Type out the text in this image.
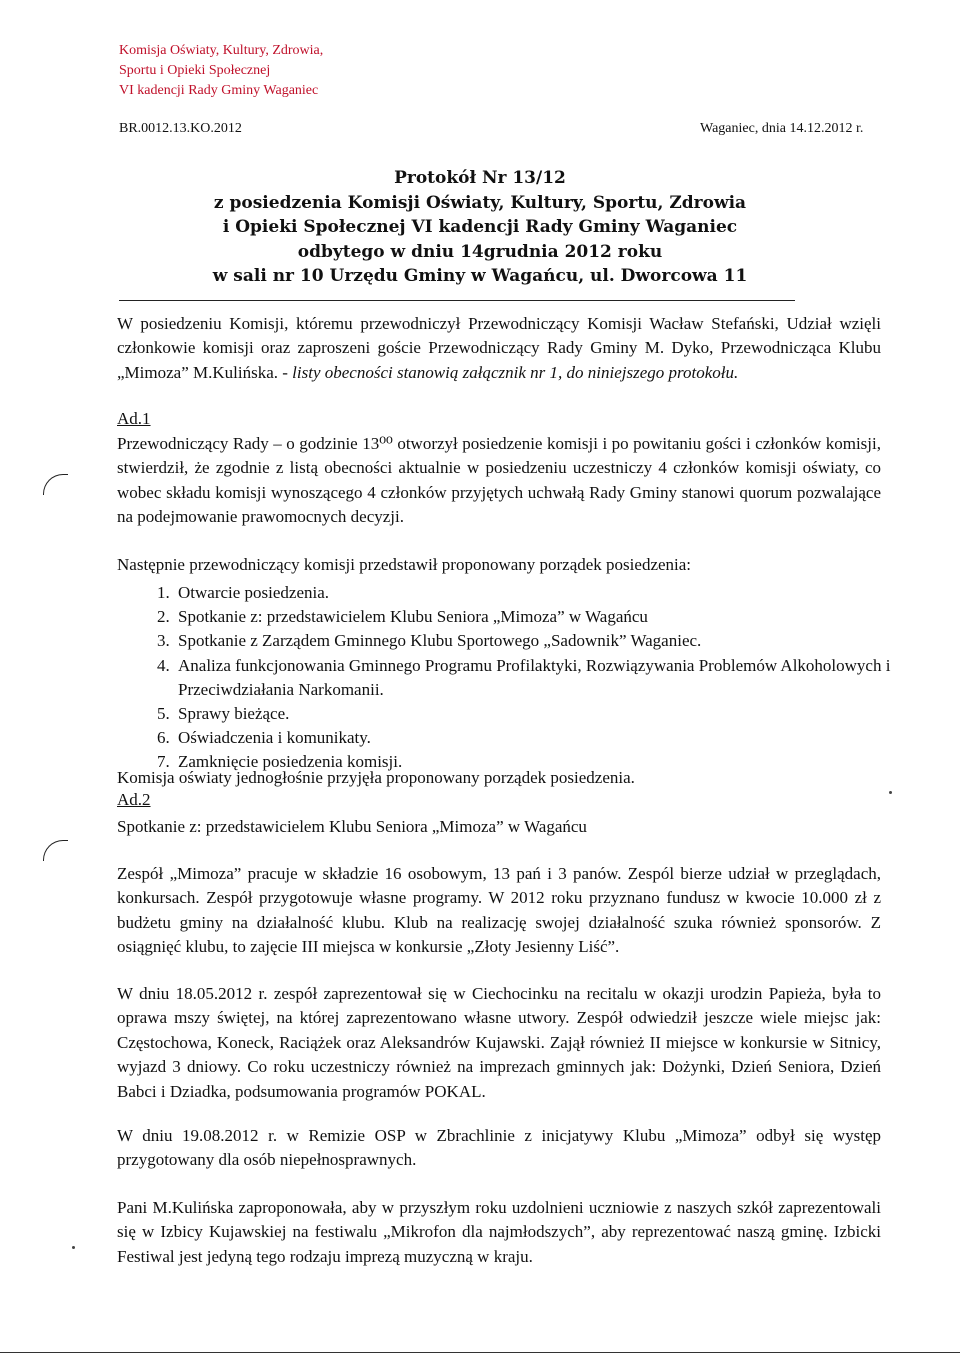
Komisja Oświaty, Kultury, Zdrowia,
Sportu i Opieki Społecznej
VI kadencji Rady Gminy Waganiec
BR.0012.13.KO.2012	Waganiec, dnia 14.12.2012 r.
Protokół Nr 13/12
z posiedzenia Komisji Oświaty, Kultury, Sportu, Zdrowia
i Opieki Społecznej VI kadencji Rady Gminy Waganiec
odbytego w dniu 14grudnia 2012 roku
w sali nr 10 Urzędu Gminy w Wagańcu, ul. Dworcowa 11
W posiedzeniu Komisji, któremu przewodniczył Przewodniczący Komisji Wacław Stefański, Udział wzięli członkowie komisji oraz zaproszeni goście Przewodniczący Rady Gminy M. Dyko, Przewodnicząca Klubu „Mimoza” M.Kulińska. - listy obecności stanowią załącznik nr 1, do niniejszego protokołu.
Ad.1
Przewodniczący Rady – o godzinie 13⁰⁰ otworzył posiedzenie komisji i po powitaniu gości i członków komisji, stwierdził, że zgodnie z listą obecności aktualnie w posiedzeniu uczestniczy 4 członków komisji oświaty, co wobec składu komisji wynoszącego 4 członków przyjętych uchwałą Rady Gminy stanowi quorum pozwalające na podejmowanie prawomocnych decyzji.
Następnie przewodniczący komisji przedstawił proponowany porządek posiedzenia:
1. Otwarcie posiedzenia.
2. Spotkanie z: przedstawicielem Klubu Seniora „Mimoza” w Wagańcu
3. Spotkanie z Zarządem Gminnego Klubu Sportowego „Sadownik” Waganiec.
4. Analiza funkcjonowania Gminnego Programu Profilaktyki, Rozwiązywania Problemów Alkoholowych i Przeciwdziałania Narkomanii.
5. Sprawy bieżące.
6. Oświadczenia i komunikaty.
7. Zamknięcie posiedzenia komisji.
Komisja oświaty jednogłośnie przyjęła proponowany porządek posiedzenia.
Ad.2
Spotkanie z: przedstawicielem Klubu Seniora „Mimoza” w Wagańcu
Zespół „Mimoza” pracuje w składzie 16 osobowym, 13 pań i 3 panów. Zespól bierze udział w przeglądach, konkursach. Zespół przygotowuje własne programy. W 2012 roku przyznano fundusz w kwocie 10.000 zł z budżetu gminy na działalność klubu. Klub na realizację swojej działalność szuka również sponsorów. Z osiągnięć klubu, to zajęcie III miejsca w konkursie „Złoty Jesienny Liść”.
W dniu 18.05.2012 r. zespół zaprezentował się w Ciechocinku na recitalu w okazji urodzin Papieża, była to oprawa mszy świętej, na której zaprezentowano własne utwory. Zespół odwiedził jeszcze wiele miejsc jak: Częstochowa, Koneck, Raciążek oraz Aleksandrów Kujawski. Zajął również II miejsce w konkursie w Sitnicy, wyjazd 3 dniowy. Co roku uczestniczy również na imprezach gminnych jak: Dożynki, Dzień Seniora, Dzień Babci i Dziadka, podsumowania programów POKAL.
W dniu 19.08.2012 r. w Remizie OSP w Zbrachlinie z inicjatywy Klubu „Mimoza” odbył się występ przygotowany dla osób niepełnosprawnych.
Pani M.Kulińska zaproponowała, aby w przyszłym roku uzdolnieni uczniowie z naszych szkół zaprezentowali się w Izbicy Kujawskiej na festiwalu „Mikrofon dla najmłodszych”, aby reprezentować naszą gminę. Izbicki Festiwal jest jedyną tego rodzaju imprezą muzyczną w kraju.
